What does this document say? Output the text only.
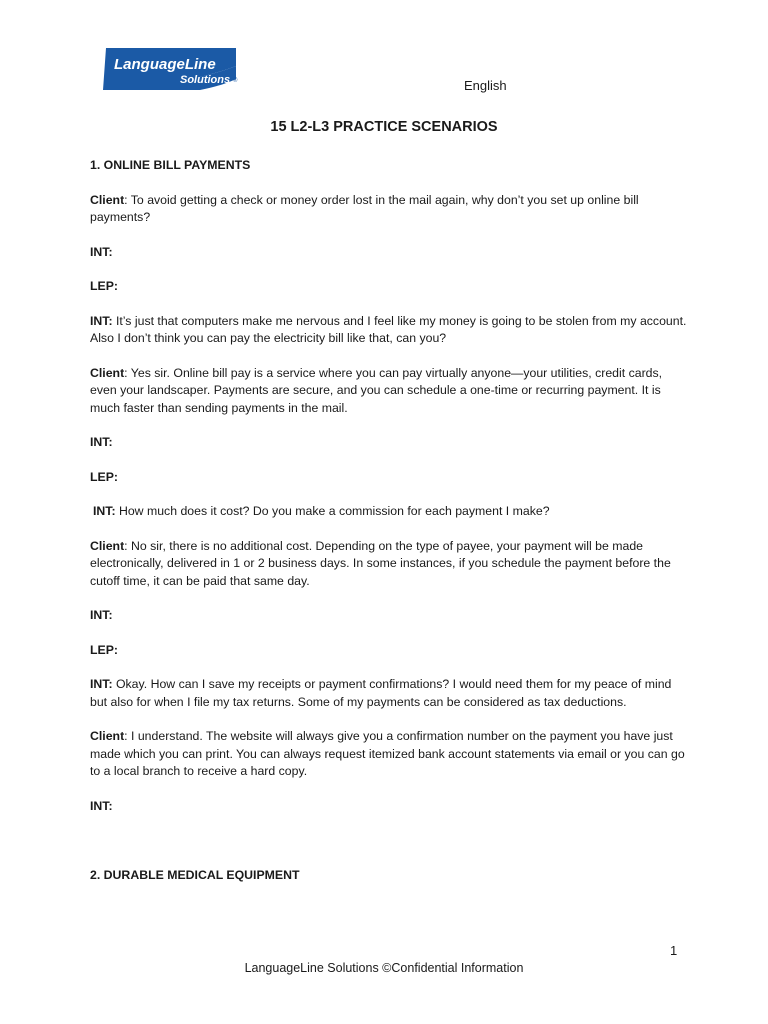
LanguageLine
Solutions ®	English
15 L2-L3 PRACTICE SCENARIOS
1. ONLINE BILL PAYMENTS
Client: To avoid getting a check or money order lost in the mail again, why don’t you set up online bill payments?
INT:
LEP:
INT: It’s just that computers make me nervous and I feel like my money is going to be stolen from my account. Also I don’t think you can pay the electricity bill like that, can you?
Client: Yes sir. Online bill pay is a service where you can pay virtually anyone—your utilities, credit cards, even your landscaper. Payments are secure, and you can schedule a one-time or recurring payment. It is much faster than sending payments in the mail.
INT:
LEP:
INT: How much does it cost? Do you make a commission for each payment I make?
Client: No sir, there is no additional cost. Depending on the type of payee, your payment will be made electronically, delivered in 1 or 2 business days. In some instances, if you schedule the payment before the cutoff time, it can be paid that same day.
INT:
LEP:
INT: Okay. How can I save my receipts or payment confirmations? I would need them for my peace of mind but also for when I file my tax returns. Some of my payments can be considered as tax deductions.
Client: I understand. The website will always give you a confirmation number on the payment you have just made which you can print. You can always request itemized bank account statements via email or you can go to a local branch to receive a hard copy.
INT:
2. DURABLE MEDICAL EQUIPMENT
1
LanguageLine Solutions ©Confidential Information
